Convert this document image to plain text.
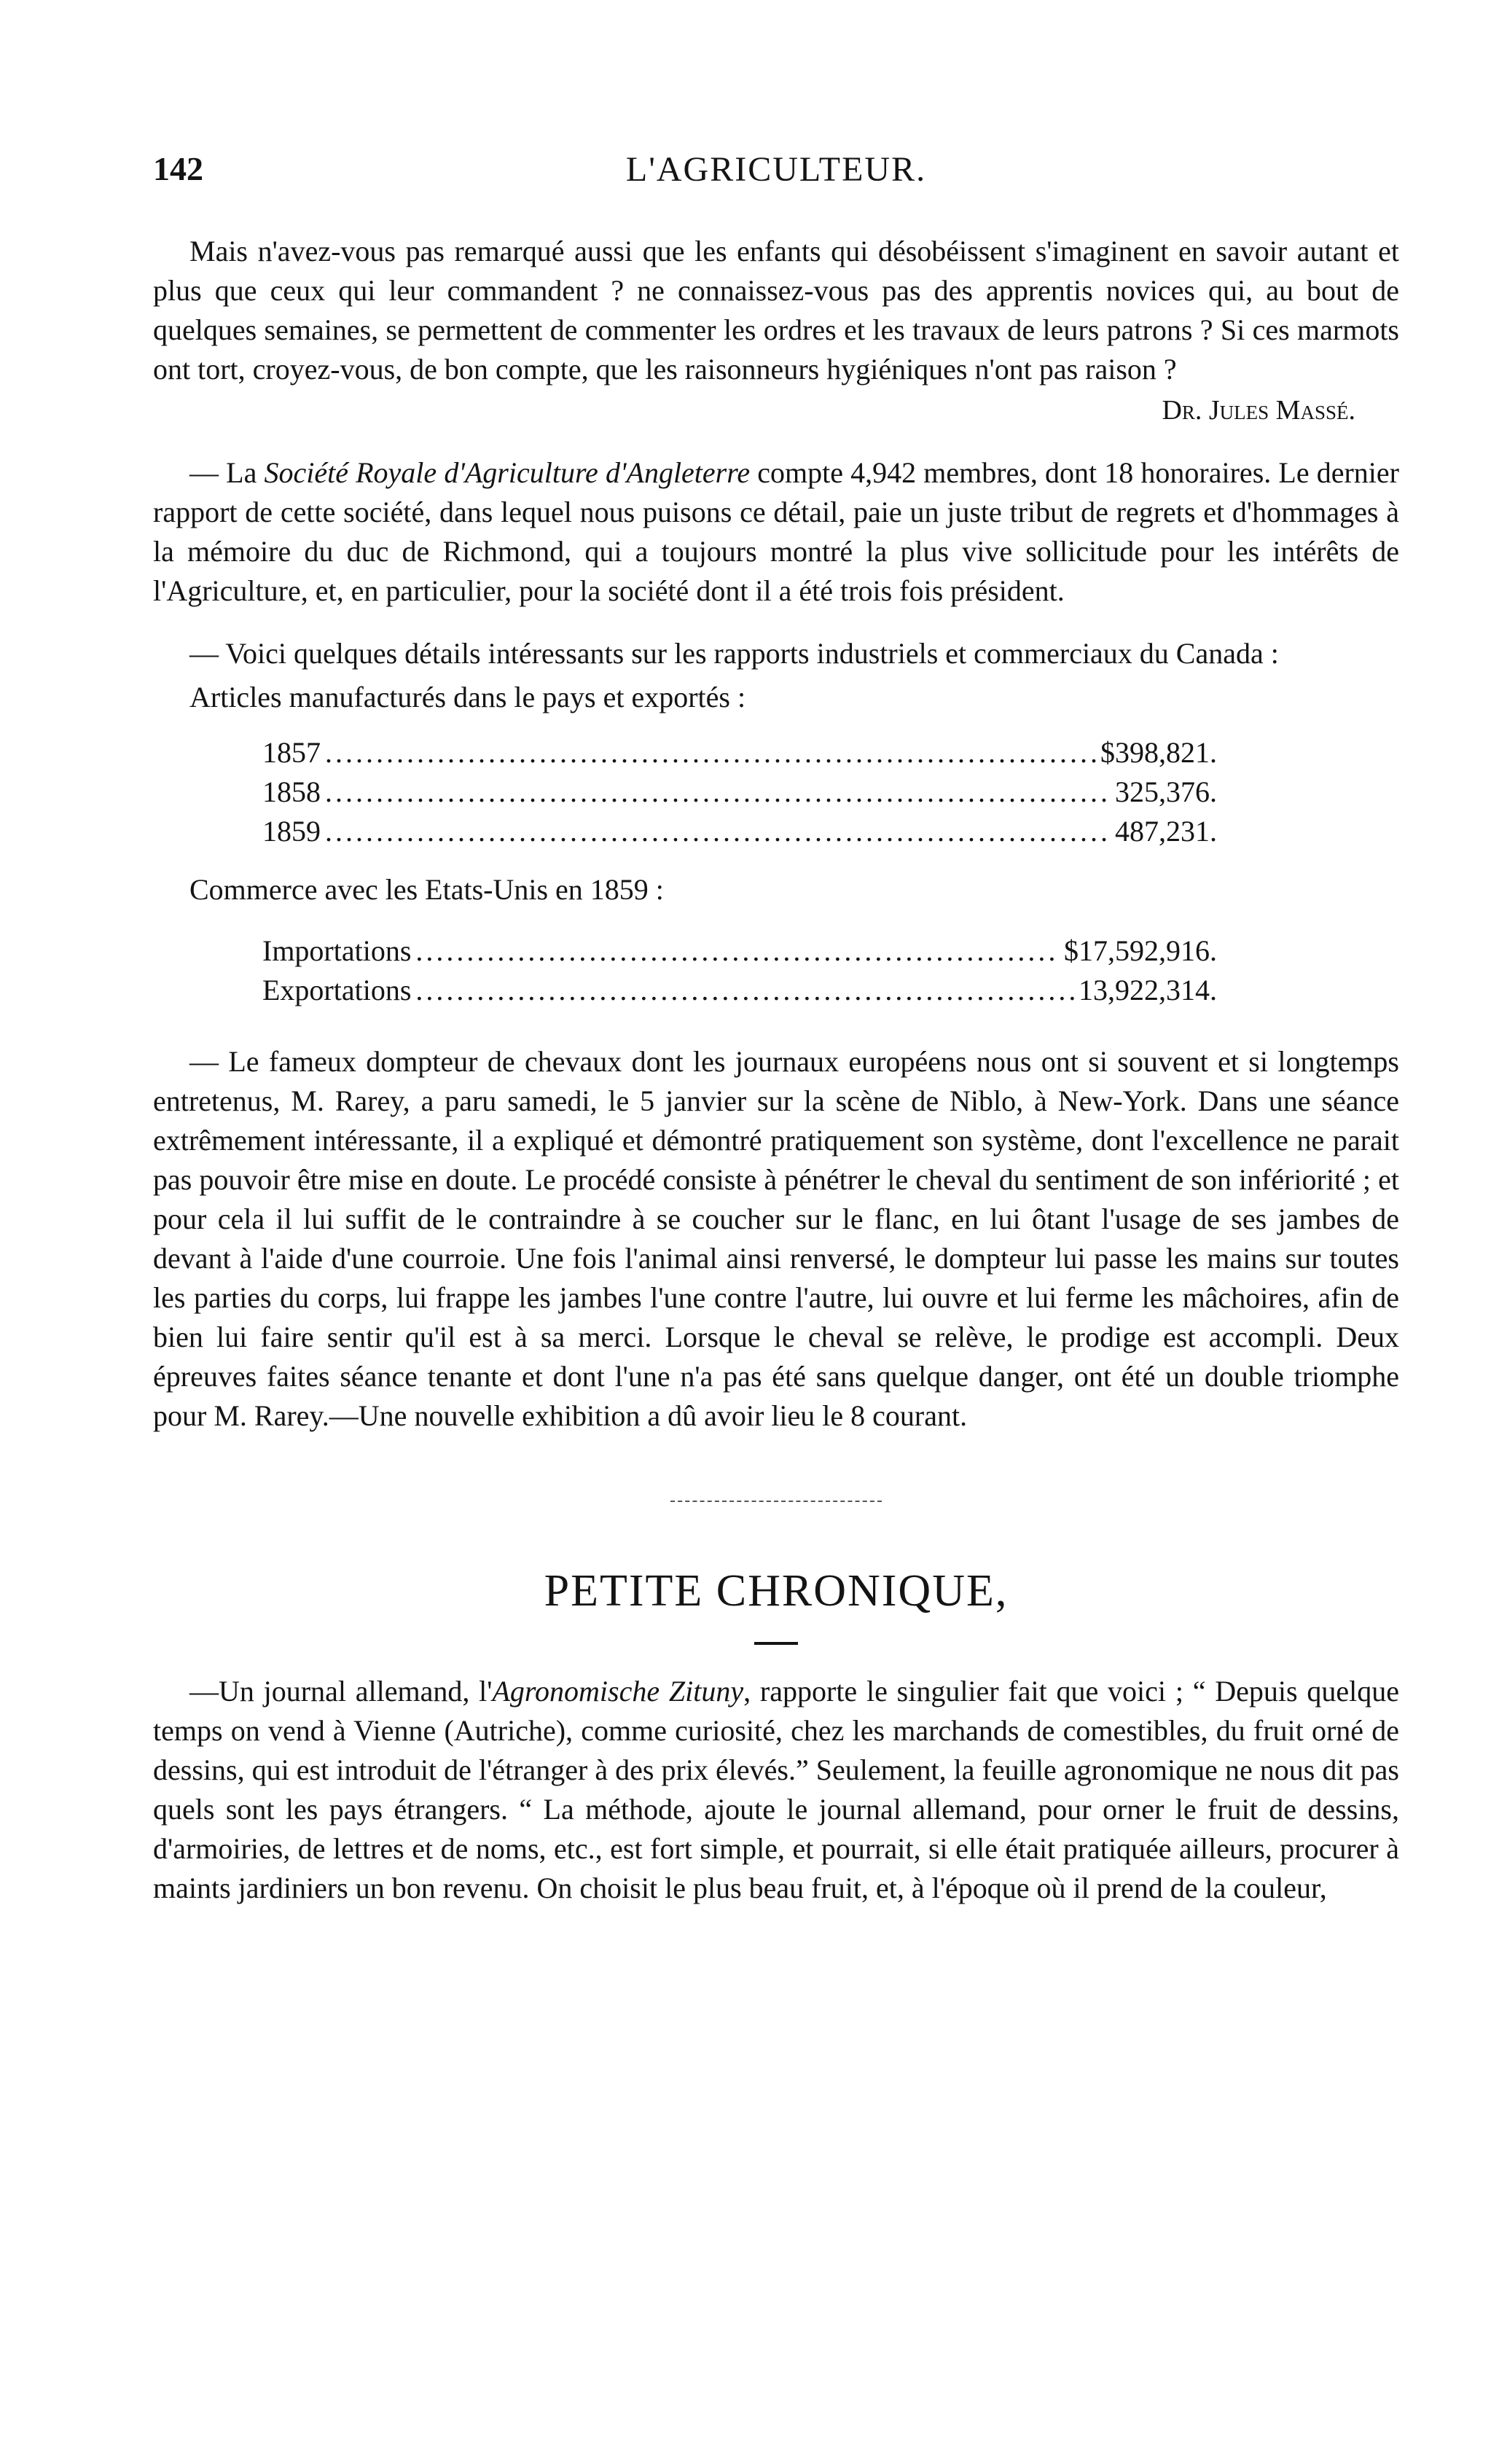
142	L'AGRICULTEUR.

Mais n'avez-vous pas remarqué aussi que les enfants qui désobéissent s'imaginent en savoir autant et plus que ceux qui leur commandent ? ne connaissez-vous pas des apprentis novices qui, au bout de quelques semaines, se permettent de commenter les ordres et les travaux de leurs patrons ? Si ces marmots ont tort, croyez-vous, de bon compte, que les raisonneurs hygiéniques n'ont pas raison ?

Dr. Jules Massé.

— La Société Royale d'Agriculture d'Angleterre compte 4,942 membres, dont 18 honoraires. Le dernier rapport de cette société, dans lequel nous puisons ce détail, paie un juste tribut de regrets et d'hommages à la mémoire du duc de Richmond, qui a toujours montré la plus vive sollicitude pour les intérêts de l'Agriculture, et, en particulier, pour la société dont il a été trois fois président.

— Voici quelques détails intéressants sur les rapports industriels et commerciaux du Canada :

Articles manufacturés dans le pays et exportés :

1857 .....	$398,821.
1858 .....	325,376.
1859 .....	487,231.

Commerce avec les Etats-Unis en 1859 :

Importations .....	$17,592,916.
Exportations .....	13,922,314.

— Le fameux dompteur de chevaux dont les journaux européens nous ont si souvent et si longtemps entretenus, M. Rarey, a paru samedi, le 5 janvier sur la scène de Niblo, à New-York. Dans une séance extrêmement intéressante, il a expliqué et démontré pratiquement son système, dont l'excellence ne parait pas pouvoir être mise en doute. Le procédé consiste à pénétrer le cheval du sentiment de son infériorité ; et pour cela il lui suffit de le contraindre à se coucher sur le flanc, en lui ôtant l'usage de ses jambes de devant à l'aide d'une courroie. Une fois l'animal ainsi renversé, le dompteur lui passe les mains sur toutes les parties du corps, lui frappe les jambes l'une contre l'autre, lui ouvre et lui ferme les mâchoires, afin de bien lui faire sentir qu'il est à sa merci. Lorsque le cheval se relève, le prodige est accompli. Deux épreuves faites séance tenante et dont l'une n'a pas été sans quelque danger, ont été un double triomphe pour M. Rarey.—Une nouvelle exhibition a dû avoir lieu le 8 courant.

PETITE CHRONIQUE,

—Un journal allemand, l'Agronomische Zituny, rapporte le singulier fait que voici ; “ Depuis quelque temps on vend à Vienne (Autriche), comme curiosité, chez les marchands de comestibles, du fruit orné de dessins, qui est introduit de l'étranger à des prix élevés.” Seulement, la feuille agronomique ne nous dit pas quels sont les pays étrangers. “ La méthode, ajoute le journal allemand, pour orner le fruit de dessins, d'armoiries, de lettres et de noms, etc., est fort simple, et pourrait, si elle était pratiquée ailleurs, procurer à maints jardiniers un bon revenu. On choisit le plus beau fruit, et, à l'époque où il prend de la couleur,
